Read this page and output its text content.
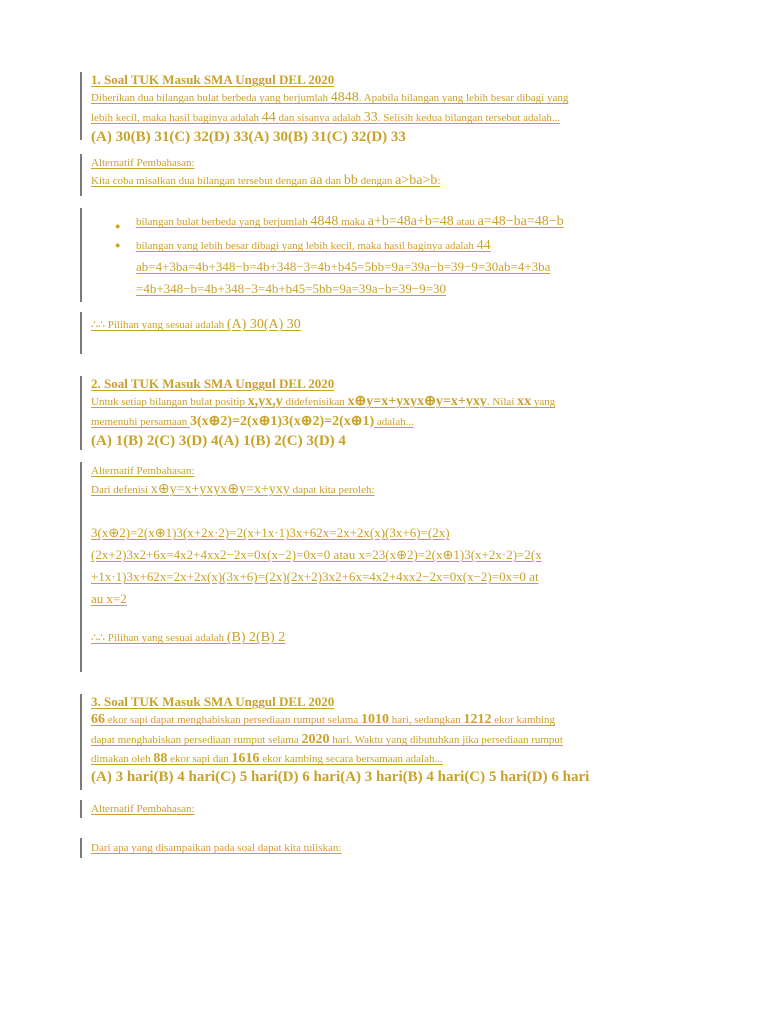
1. Soal TUK Masuk SMA Unggul DEL 2020
Diberikan dua bilangan bulat berbeda yang berjumlah 4848. Apabila bilangan yang lebih besar dibagi yang
lebih kecil, maka hasil baginya adalah 44 dan sisanya adalah 33. Selisih kedua bilangan tersebut adalah...
(A) 30(B) 31(C) 32(D) 33(A) 30(B) 31(C) 32(D) 33
Alternatif Pembahasan:
Kita coba misalkan dua bilangan tersebut dengan aa dan bb dengan a>ba>b:
● bilangan bulat berbeda yang berjumlah 4848 maka a+b=48a+b=48 atau a=48−ba=48−b
● bilangan yang lebih besar dibagi yang lebih kecil, maka hasil baginya adalah 44
ab=4+3ba=4b+348−b=4b+348−3=4b+b45=5bb=9a=39a−b=39−9=30ab=4+3ba
=4b+348−b=4b+348−3=4b+b45=5bb=9a=39a−b=39−9=30
∴∴ Pilihan yang sesuai adalah (A) 30(A) 30
2. Soal TUK Masuk SMA Unggul DEL 2020
Untuk setiap bilangan bulat positip x,yx,y didefenisikan x⊕y=x+yxyx⊕y=x+yxy. Nilai xx yang
memenuhi persamaan 3(x⊕2)=2(x⊕1)3(x⊕2)=2(x⊕1) adalah...
(A) 1(B) 2(C) 3(D) 4(A) 1(B) 2(C) 3(D) 4
Alternatif Pembahasan:
Dari defenisi x⊕y=x+yxyx⊕y=x+yxy dapat kita peroleh:
3(x⊕2)=2(x⊕1)3(x+2x·2)=2(x+1x·1)3x+62x=2x+2x(x)(3x+6)=(2x)
(2x+2)3x2+6x=4x2+4xx2−2x=0x(x−2)=0x=0 atau x=23(x⊕2)=2(x⊕1)3(x+2x·2)=2(x
+1x·1)3x+62x=2x+2x(x)(3x+6)=(2x)(2x+2)3x2+6x=4x2+4xx2−2x=0x(x−2)=0x=0 at
au x=2
∴∴ Pilihan yang sesuai adalah (B) 2(B) 2
3. Soal TUK Masuk SMA Unggul DEL 2020
66 ekor sapi dapat menghabiskan persediaan rumput selama 1010 hari, sedangkan 1212 ekor kambing
dapat menghabiskan persediaan rumput selama 2020 hari. Waktu yang dibutuhkan jika persediaan rumput
dimakan oleh 88 ekor sapi dan 1616 ekor kambing secara bersamaan adalah...
(A) 3 hari(B) 4 hari(C) 5 hari(D) 6 hari(A) 3 hari(B) 4 hari(C) 5 hari(D) 6 hari
Alternatif Pembahasan:
Dari apa yang disampaikan pada soal dapat kita tuliskan:
